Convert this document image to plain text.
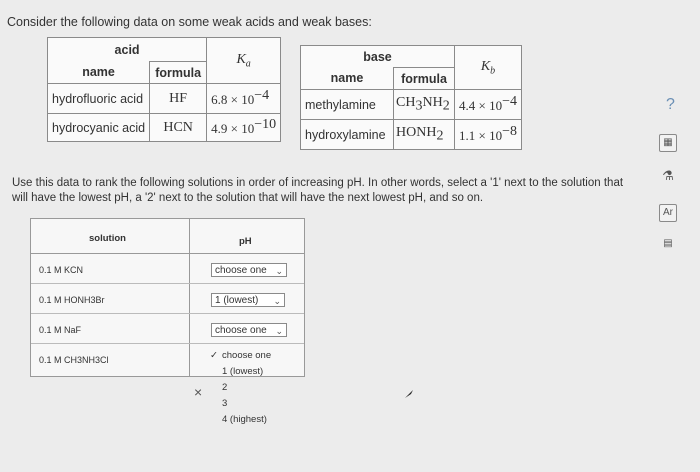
Consider the following data on some weak acids and weak bases:
acid		$K_a$
name	formula	
hydrofluoric acid	HF	$6.8 \times 10^{-4}$
hydrocyanic acid	HCN	$4.9 \times 10^{-10}$
base		$K_b$
name	formula	
methylamine	$CH_3NH_2$	$4.4 \times 10^{-4}$
hydroxylamine	$HONH_2$	$1.1 \times 10^{-8}$
Use this data to rank the following solutions in order of increasing pH. In other words, select a '1' next to the solution that
will have the lowest pH, a '2' next to the solution that will have the next lowest pH, and so on.
solution	pH
0.1 M KCN	choose one ⌄
0.1 M HONH3Br	1 (lowest) ⌄
0.1 M NaF	choose one ⌄
0.1 M CH3NH3Cl	✓ choose one
1 (lowest)
2
3
4 (highest)
×
?
▦
⚗
Ar
▤
